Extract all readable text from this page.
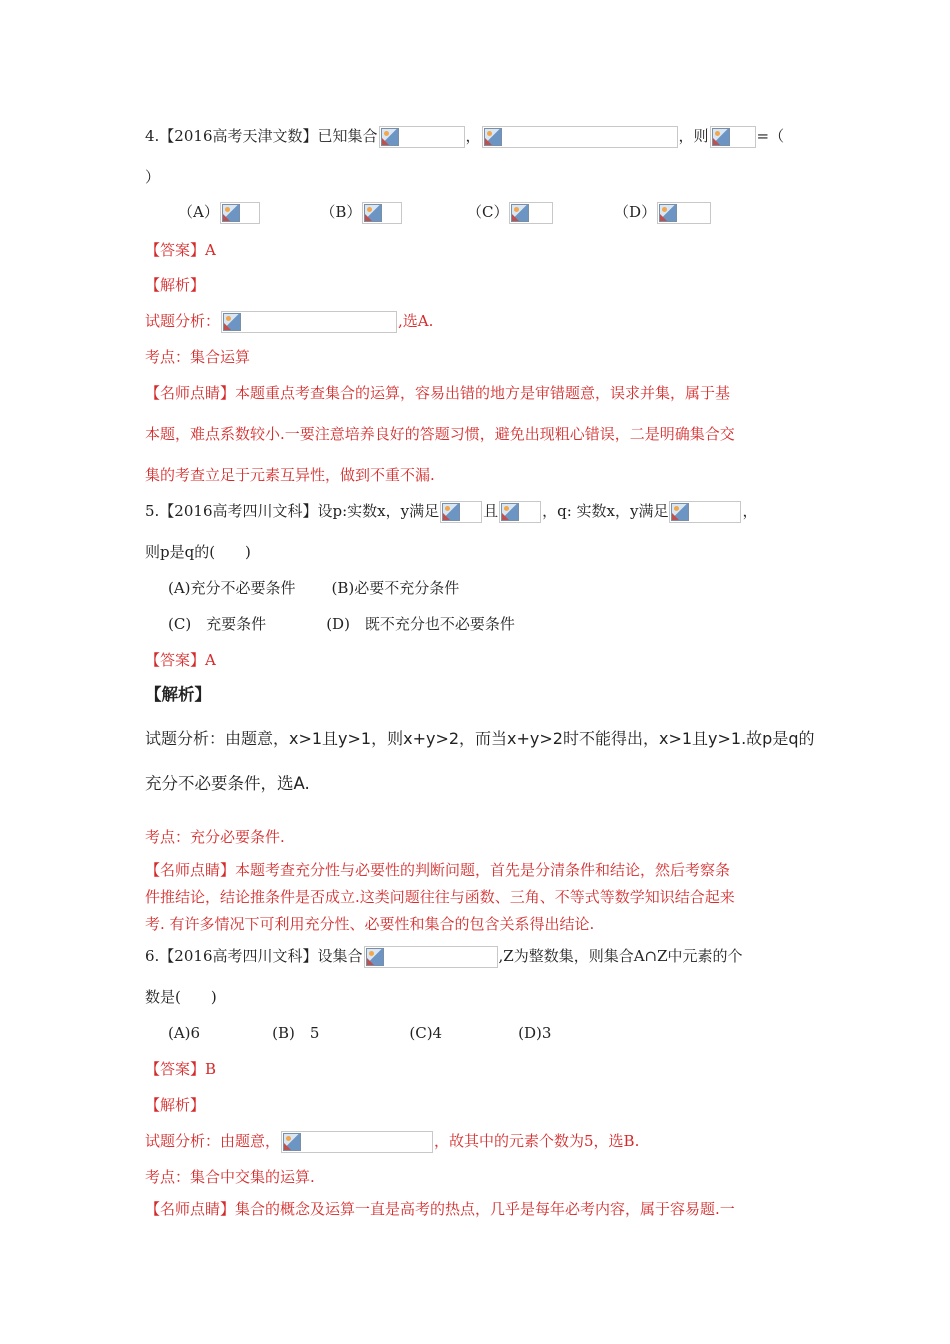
4.【2016高考天津文数】已知集合	，	，则	=（
）
（A）	（B）	（C）	（D）
【答案】A
【解析】
试题分析：	,选A.
考点：集合运算
【名师点睛】本题重点考查集合的运算，容易出错的地方是审错题意，误求并集，属于基
本题，难点系数较小.一要注意培养良好的答题习惯，避免出现粗心错误，二是明确集合交
集的考查立足于元素互异性，做到不重不漏.
5.【2016高考四川文科】设p:实数x，y满足	且	，q: 实数x，y满足	，
则p是q的(　　)
(A)充分不必要条件 (B)必要不充分条件
(C)　充要条件	(D)　既不充分也不必要条件
【答案】A
【解析】
试题分析：由题意，x>1且y>1，则x+y>2，而当x+y>2时不能得出，x>1且y>1.故p是q的
充分不必要条件，选A.
考点：充分必要条件.
【名师点睛】本题考查充分性与必要性的判断问题，首先是分清条件和结论，然后考察条
件推结论，结论推条件是否成立.这类问题往往与函数、三角、不等式等数学知识结合起来
考. 有许多情况下可利用充分性、必要性和集合的包含关系得出结论.
6.【2016高考四川文科】设集合	,Z为整数集，则集合A∩Z中元素的个
数是(　　)
(A)6	(B)　5	(C)4	(D)3
【答案】B
【解析】
试题分析：由题意，	，故其中的元素个数为5，选B.
考点：集合中交集的运算.
【名师点睛】集合的概念及运算一直是高考的热点，几乎是每年必考内容，属于容易题.一
